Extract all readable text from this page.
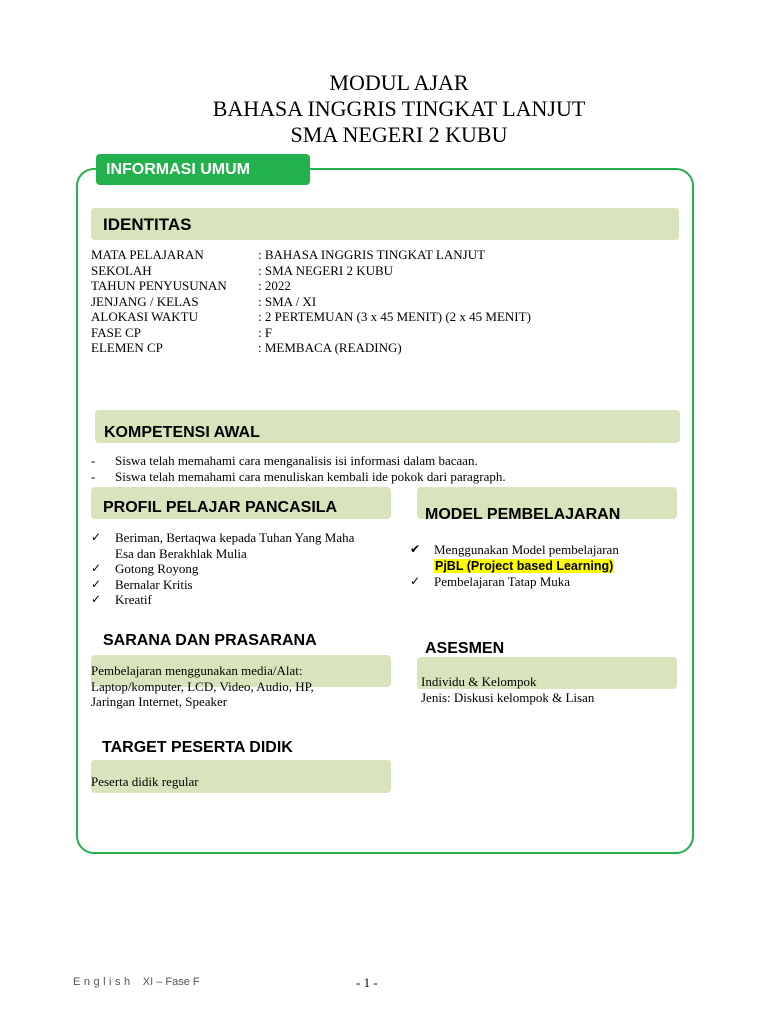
MODUL AJAR
BAHASA INGGRIS TINGKAT LANJUT
SMA NEGERI 2 KUBU
INFORMASI UMUM
IDENTITAS
MATA PELAJARAN	: BAHASA INGGRIS TINGKAT LANJUT
SEKOLAH	: SMA NEGERI 2 KUBU
TAHUN PENYUSUNAN : 2022
JENJANG / KELAS	: SMA / XI
ALOKASI WAKTU	: 2 PERTEMUAN (3 x 45 MENIT) (2 x 45 MENIT)
FASE CP	: F
ELEMEN CP	: MEMBACA (READING)
KOMPETENSI AWAL
- Siswa telah memahami cara menganalisis isi informasi dalam bacaan.
- Siswa telah memahami cara menuliskan kembali ide pokok dari paragraph.
PROFIL PELAJAR PANCASILA
✓ Beriman, Bertaqwa kepada Tuhan Yang Maha Esa dan Berakhlak Mulia
✓ Gotong Royong
✓ Bernalar Kritis
✓ Kreatif
MODEL PEMBELAJARAN
✔ Menggunakan Model pembelajaran
PjBL (Project based Learning)
✓ Pembelajaran Tatap Muka
SARANA DAN PRASARANA
Pembelajaran menggunakan media/Alat:
Laptop/komputer, LCD, Video, Audio, HP,
Jaringan Internet, Speaker
ASESMEN
Individu & Kelompok
Jenis: Diskusi kelompok & Lisan
TARGET PESERTA DIDIK
Peserta didik regular
English XI – Fase F	- 1 -
